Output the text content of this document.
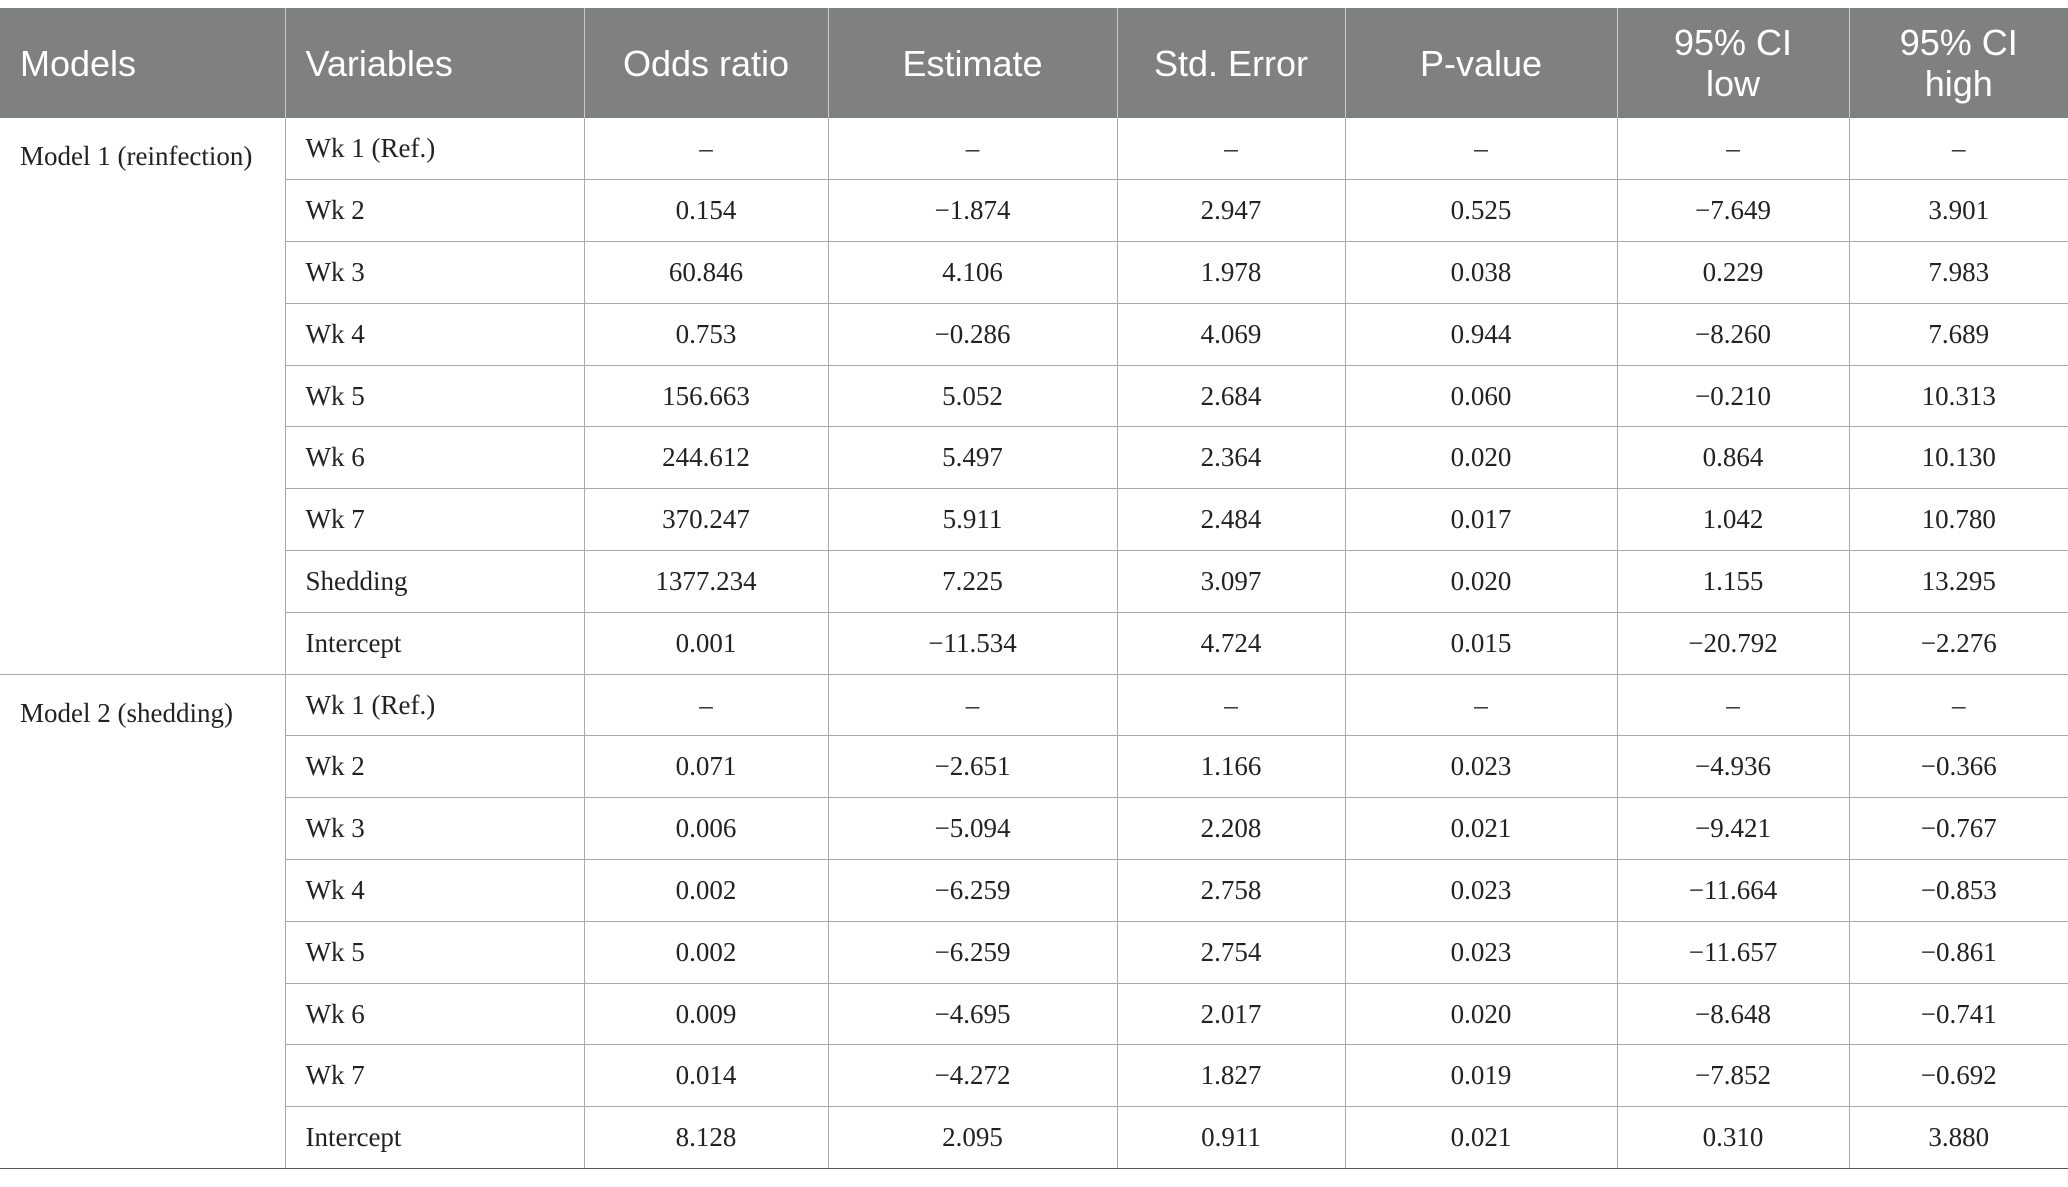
Models	Variables	Odds ratio	Estimate	Std. Error	P-value	95% CI low	95% CI high
Model 1 (reinfection)	Wk 1 (Ref.)	–	–	–	–	–	–
	Wk 2	0.154	−1.874	2.947	0.525	−7.649	3.901
	Wk 3	60.846	4.106	1.978	0.038	0.229	7.983
	Wk 4	0.753	−0.286	4.069	0.944	−8.260	7.689
	Wk 5	156.663	5.052	2.684	0.060	−0.210	10.313
	Wk 6	244.612	5.497	2.364	0.020	0.864	10.130
	Wk 7	370.247	5.911	2.484	0.017	1.042	10.780
	Shedding	1377.234	7.225	3.097	0.020	1.155	13.295
	Intercept	0.001	−11.534	4.724	0.015	−20.792	−2.276
Model 2 (shedding)	Wk 1 (Ref.)	–	–	–	–	–	–
	Wk 2	0.071	−2.651	1.166	0.023	−4.936	−0.366
	Wk 3	0.006	−5.094	2.208	0.021	−9.421	−0.767
	Wk 4	0.002	−6.259	2.758	0.023	−11.664	−0.853
	Wk 5	0.002	−6.259	2.754	0.023	−11.657	−0.861
	Wk 6	0.009	−4.695	2.017	0.020	−8.648	−0.741
	Wk 7	0.014	−4.272	1.827	0.019	−7.852	−0.692
	Intercept	8.128	2.095	0.911	0.021	0.310	3.880
